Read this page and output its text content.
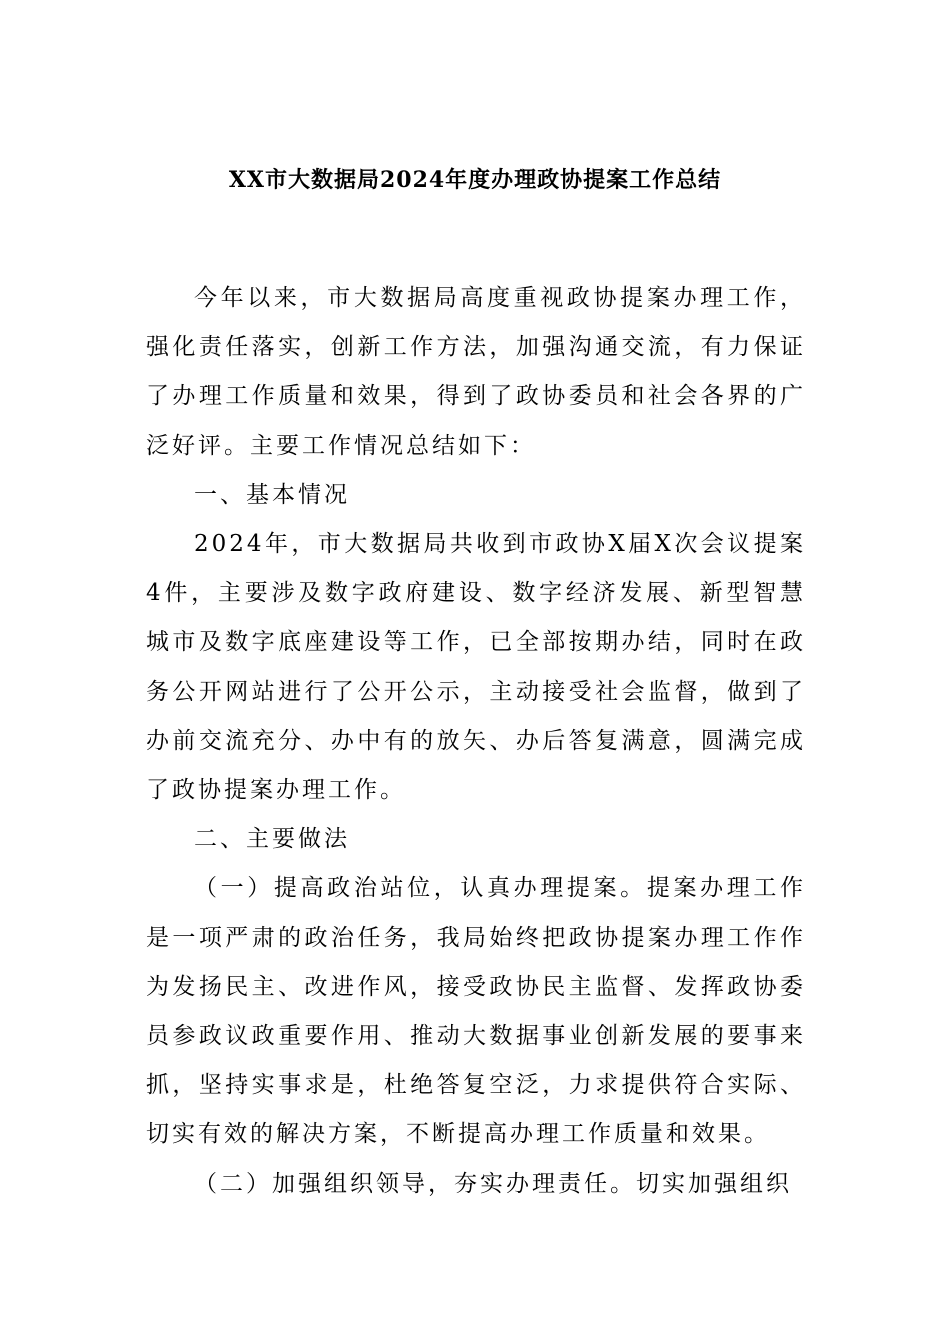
XX市大数据局2024年度办理政协提案工作总结

今年以来，市大数据局高度重视政协提案办理工作，强化责任落实，创新工作方法，加强沟通交流，有力保证了办理工作质量和效果，得到了政协委员和社会各界的广泛好评。主要工作情况总结如下：

一、基本情况

2024年，市大数据局共收到市政协X届X次会议提案4件，主要涉及数字政府建设、数字经济发展、新型智慧城市及数字底座建设等工作，已全部按期办结，同时在政务公开网站进行了公开公示，主动接受社会监督，做到了办前交流充分、办中有的放矢、办后答复满意，圆满完成了政协提案办理工作。

二、主要做法

（一）提高政治站位，认真办理提案。提案办理工作是一项严肃的政治任务，我局始终把政协提案办理工作作为发扬民主、改进作风，接受政协民主监督、发挥政协委员参政议政重要作用、推动大数据事业创新发展的要事来抓，坚持实事求是，杜绝答复空泛，力求提供符合实际、切实有效的解决方案，不断提高办理工作质量和效果。

（二）加强组织领导，夯实办理责任。切实加强组织
